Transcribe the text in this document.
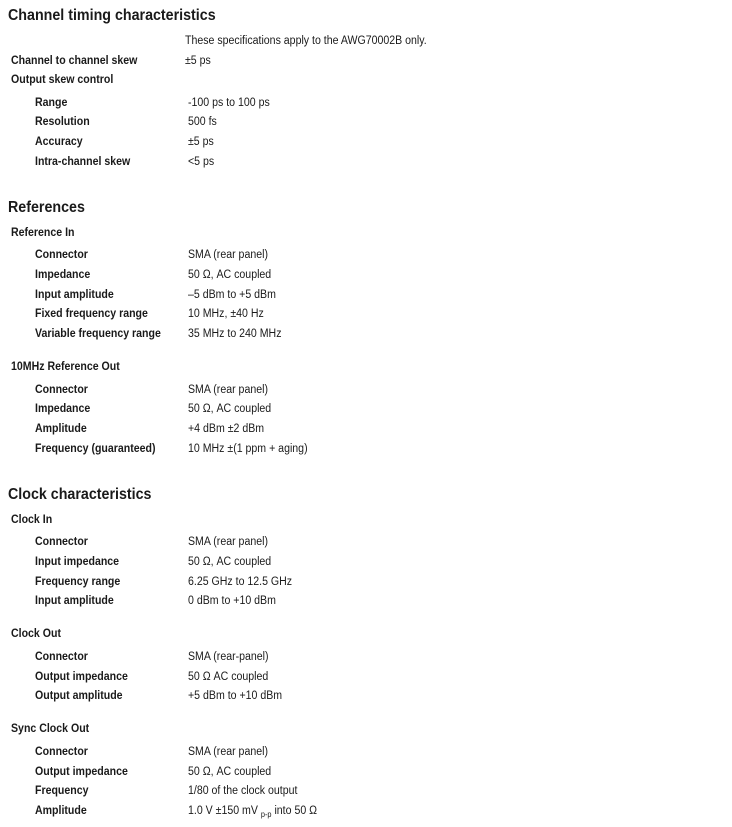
Channel timing characteristics
These specifications apply to the AWG70002B only.
Channel to channel skew	±5 ps
Output skew control
Range	-100 ps to 100 ps
Resolution	500 fs
Accuracy	±5 ps
Intra-channel skew	<5 ps
References
Reference In
Connector	SMA (rear panel)
Impedance	50 Ω, AC coupled
Input amplitude	–5 dBm to +5 dBm
Fixed frequency range	10 MHz, ±40 Hz
Variable frequency range 35 MHz to 240 MHz
10MHz Reference Out
Connector	SMA (rear panel)
Impedance	50 Ω, AC coupled
Amplitude	+4 dBm ±2 dBm
Frequency (guaranteed)	10 MHz ±(1 ppm + aging)
Clock characteristics
Clock In
Connector	SMA (rear panel)
Input impedance	50 Ω, AC coupled
Frequency range	6.25 GHz to 12.5 GHz
Input amplitude	0 dBm to +10 dBm
Clock Out
Connector	SMA (rear-panel)
Output impedance	50 Ω AC coupled
Output amplitude	+5 dBm to +10 dBm
Sync Clock Out
Connector	SMA (rear panel)
Output impedance	50 Ω, AC coupled
Frequency	1/80 of the clock output
Amplitude	1.0 V ±150 mV $_{p-p}$ into 50 Ω
